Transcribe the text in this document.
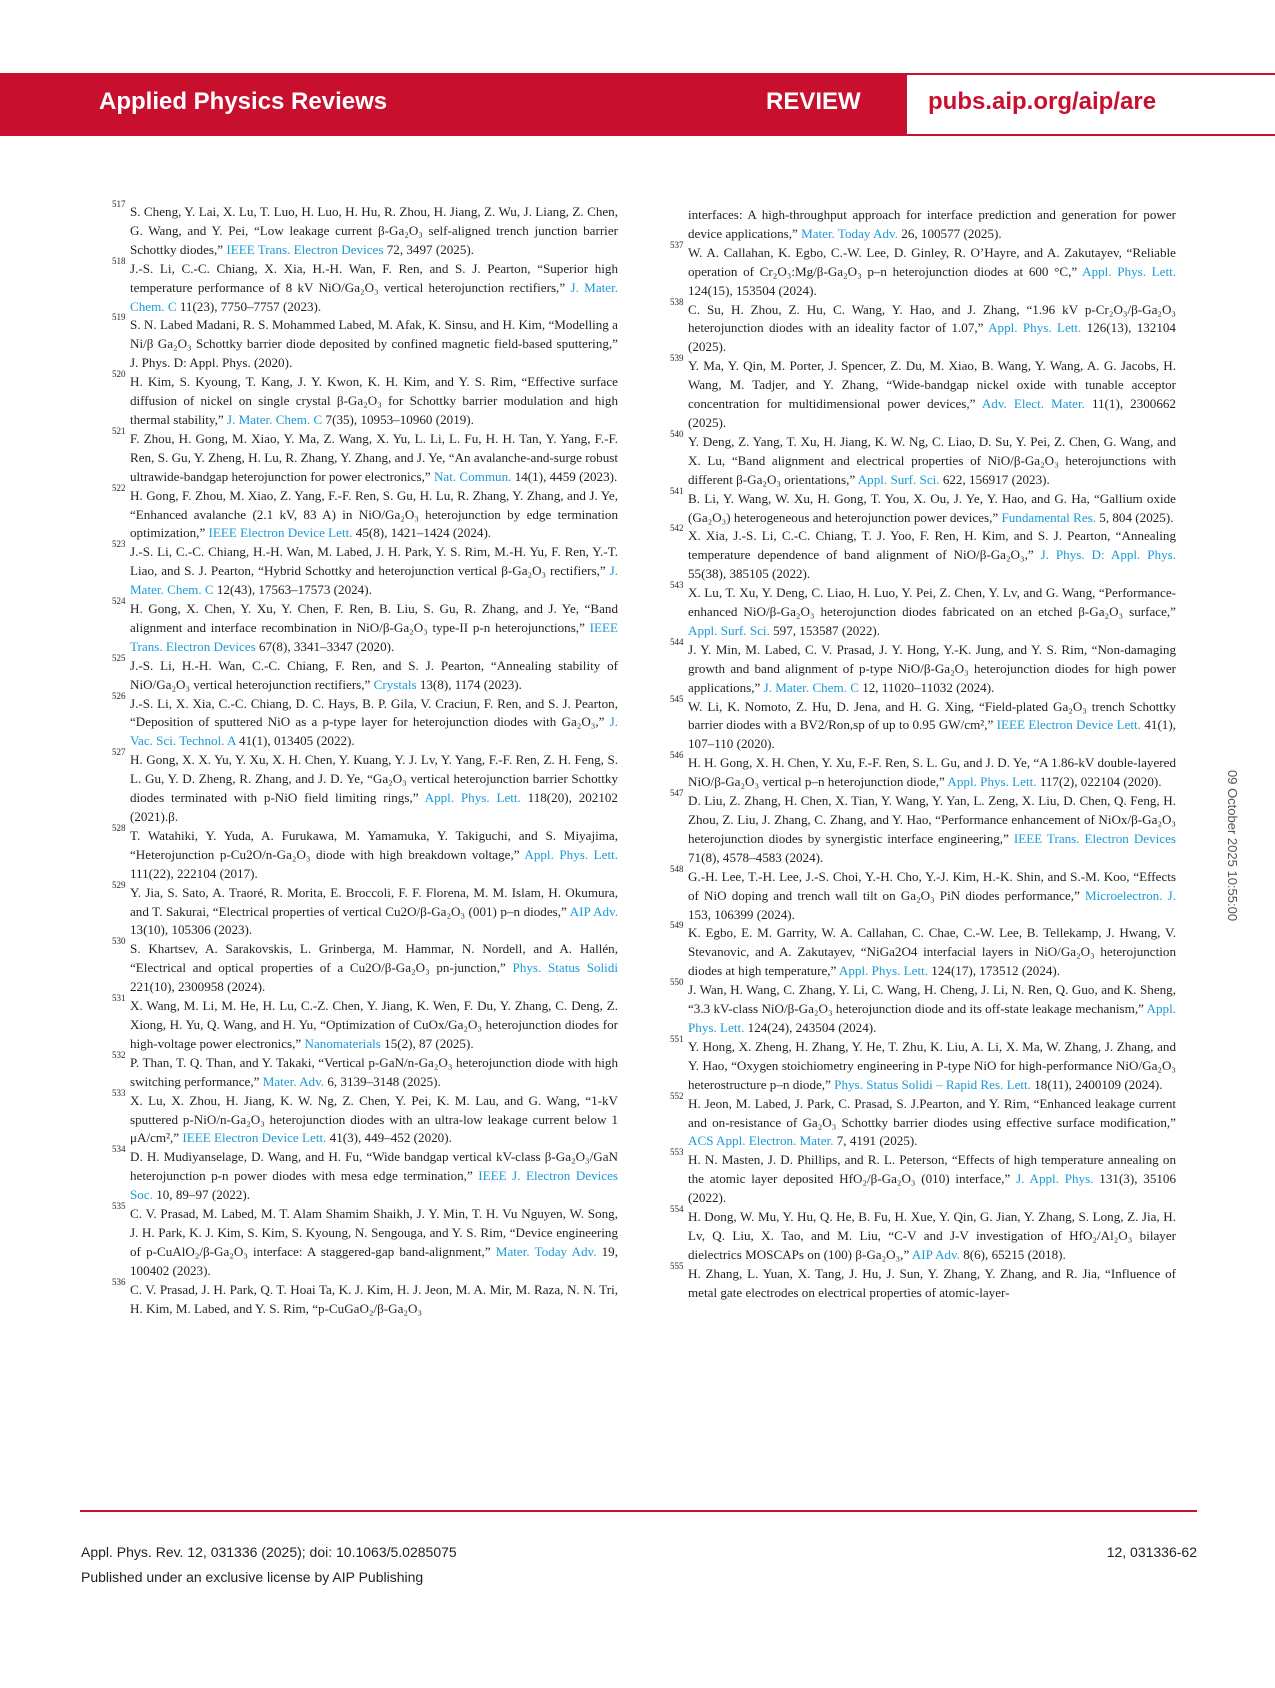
Applied Physics Reviews	REVIEW	pubs.aip.org/aip/are

517 S. Cheng, Y. Lai, X. Lu, T. Luo, H. Luo, H. Hu, R. Zhou, H. Jiang, Z. Wu, J. Liang, Z. Chen, G. Wang, and Y. Pei, “Low leakage current β-Ga₂O₃ self-aligned trench junction barrier Schottky diodes,” IEEE Trans. Electron Devices 72, 3497 (2025).

518 J.-S. Li, C.-C. Chiang, X. Xia, H.-H. Wan, F. Ren, and S. J. Pearton, “Superior high temperature performance of 8 kV NiO/Ga₂O₃ vertical heterojunction rectifiers,” J. Mater. Chem. C 11(23), 7750–7757 (2023).

519 S. N. Labed Madani, R. S. Mohammed Labed, M. Afak, K. Sinsu, and H. Kim, “Modelling a Ni/β Ga₂O₃ Schottky barrier diode deposited by confined magnetic field-based sputtering,” J. Phys. D: Appl. Phys. (2020).

520 H. Kim, S. Kyoung, T. Kang, J. Y. Kwon, K. H. Kim, and Y. S. Rim, “Effective surface diffusion of nickel on single crystal β-Ga₂O₃ for Schottky barrier modulation and high thermal stability,” J. Mater. Chem. C 7(35), 10953–10960 (2019).

521 F. Zhou, H. Gong, M. Xiao, Y. Ma, Z. Wang, X. Yu, L. Li, L. Fu, H. H. Tan, Y. Yang, F.-F. Ren, S. Gu, Y. Zheng, H. Lu, R. Zhang, Y. Zhang, and J. Ye, “An avalanche-and-surge robust ultrawide-bandgap heterojunction for power electronics,” Nat. Commun. 14(1), 4459 (2023).

522 H. Gong, F. Zhou, M. Xiao, Z. Yang, F.-F. Ren, S. Gu, H. Lu, R. Zhang, Y. Zhang, and J. Ye, “Enhanced avalanche (2.1 kV, 83 A) in NiO/Ga₂O₃ heterojunction by edge termination optimization,” IEEE Electron Device Lett. 45(8), 1421–1424 (2024).

523 J.-S. Li, C.-C. Chiang, H.-H. Wan, M. Labed, J. H. Park, Y. S. Rim, M.-H. Yu, F. Ren, Y.-T. Liao, and S. J. Pearton, “Hybrid Schottky and heterojunction vertical β-Ga₂O₃ rectifiers,” J. Mater. Chem. C 12(43), 17563–17573 (2024).

524 H. Gong, X. Chen, Y. Xu, Y. Chen, F. Ren, B. Liu, S. Gu, R. Zhang, and J. Ye, “Band alignment and interface recombination in NiO/β-Ga₂O₃ type-II p-n heterojunctions,” IEEE Trans. Electron Devices 67(8), 3341–3347 (2020).

525 J.-S. Li, H.-H. Wan, C.-C. Chiang, F. Ren, and S. J. Pearton, “Annealing stability of NiO/Ga₂O₃ vertical heterojunction rectifiers,” Crystals 13(8), 1174 (2023).

526 J.-S. Li, X. Xia, C.-C. Chiang, D. C. Hays, B. P. Gila, V. Craciun, F. Ren, and S. J. Pearton, “Deposition of sputtered NiO as a p-type layer for heterojunction diodes with Ga₂O₃,” J. Vac. Sci. Technol. A 41(1), 013405 (2022).

527 H. Gong, X. X. Yu, Y. Xu, X. H. Chen, Y. Kuang, Y. J. Lv, Y. Yang, F.-F. Ren, Z. H. Feng, S. L. Gu, Y. D. Zheng, R. Zhang, and J. D. Ye, “Ga₂O₃ vertical heterojunction barrier Schottky diodes terminated with p-NiO field limiting rings,” Appl. Phys. Lett. 118(20), 202102 (2021).β.

528 T. Watahiki, Y. Yuda, A. Furukawa, M. Yamamuka, Y. Takiguchi, and S. Miyajima, “Heterojunction p-Cu2O/n-Ga₂O₃ diode with high breakdown voltage,” Appl. Phys. Lett. 111(22), 222104 (2017).

529 Y. Jia, S. Sato, A. Traoré, R. Morita, E. Broccoli, F. F. Florena, M. M. Islam, H. Okumura, and T. Sakurai, “Electrical properties of vertical Cu2O/β-Ga₂O₃ (001) p–n diodes,” AIP Adv. 13(10), 105306 (2023).

530 S. Khartsev, A. Sarakovskis, L. Grinberga, M. Hammar, N. Nordell, and A. Hallén, “Electrical and optical properties of a Cu2O/β-Ga₂O₃ pn-junction,” Phys. Status Solidi 221(10), 2300958 (2024).

531 X. Wang, M. Li, M. He, H. Lu, C.-Z. Chen, Y. Jiang, K. Wen, F. Du, Y. Zhang, C. Deng, Z. Xiong, H. Yu, Q. Wang, and H. Yu, “Optimization of CuOx/Ga₂O₃ heterojunction diodes for high-voltage power electronics,” Nanomaterials 15(2), 87 (2025).

532 P. Than, T. Q. Than, and Y. Takaki, “Vertical p-GaN/n-Ga₂O₃ heterojunction diode with high switching performance,” Mater. Adv. 6, 3139–3148 (2025).

533 X. Lu, X. Zhou, H. Jiang, K. W. Ng, Z. Chen, Y. Pei, K. M. Lau, and G. Wang, “1-kV sputtered p-NiO/n-Ga₂O₃ heterojunction diodes with an ultra-low leakage current below 1 μA/cm²,” IEEE Electron Device Lett. 41(3), 449–452 (2020).

534 D. H. Mudiyanselage, D. Wang, and H. Fu, “Wide bandgap vertical kV-class β-Ga₂O₃/GaN heterojunction p-n power diodes with mesa edge termination,” IEEE J. Electron Devices Soc. 10, 89–97 (2022).

535 C. V. Prasad, M. Labed, M. T. Alam Shamim Shaikh, J. Y. Min, T. H. Vu Nguyen, W. Song, J. H. Park, K. J. Kim, S. Kim, S. Kyoung, N. Sengouga, and Y. S. Rim, “Device engineering of p-CuAlO₂/β-Ga₂O₃ interface: A staggered-gap band-alignment,” Mater. Today Adv. 19, 100402 (2023).

536 C. V. Prasad, J. H. Park, Q. T. Hoai Ta, K. J. Kim, H. J. Jeon, M. A. Mir, M. Raza, N. N. Tri, H. Kim, M. Labed, and Y. S. Rim, “p-CuGaO₂/β-Ga₂O₃

interfaces: A high-throughput approach for interface prediction and generation for power device applications,” Mater. Today Adv. 26, 100577 (2025).

537 W. A. Callahan, K. Egbo, C.-W. Lee, D. Ginley, R. O’Hayre, and A. Zakutayev, “Reliable operation of Cr₂O₃:Mg/β-Ga₂O₃ p–n heterojunction diodes at 600 °C,” Appl. Phys. Lett. 124(15), 153504 (2024).

538 C. Su, H. Zhou, Z. Hu, C. Wang, Y. Hao, and J. Zhang, “1.96 kV p-Cr₂O₃/β-Ga₂O₃ heterojunction diodes with an ideality factor of 1.07,” Appl. Phys. Lett. 126(13), 132104 (2025).

539 Y. Ma, Y. Qin, M. Porter, J. Spencer, Z. Du, M. Xiao, B. Wang, Y. Wang, A. G. Jacobs, H. Wang, M. Tadjer, and Y. Zhang, “Wide-bandgap nickel oxide with tunable acceptor concentration for multidimensional power devices,” Adv. Elect. Mater. 11(1), 2300662 (2025).

540 Y. Deng, Z. Yang, T. Xu, H. Jiang, K. W. Ng, C. Liao, D. Su, Y. Pei, Z. Chen, G. Wang, and X. Lu, “Band alignment and electrical properties of NiO/β-Ga₂O₃ heterojunctions with different β-Ga₂O₃ orientations,” Appl. Surf. Sci. 622, 156917 (2023).

541 B. Li, Y. Wang, W. Xu, H. Gong, T. You, X. Ou, J. Ye, Y. Hao, and G. Ha, “Gallium oxide (Ga₂O₃) heterogeneous and heterojunction power devices,” Fundamental Res. 5, 804 (2025).

542 X. Xia, J.-S. Li, C.-C. Chiang, T. J. Yoo, F. Ren, H. Kim, and S. J. Pearton, “Annealing temperature dependence of band alignment of NiO/β-Ga₂O₃,” J. Phys. D: Appl. Phys. 55(38), 385105 (2022).

543 X. Lu, T. Xu, Y. Deng, C. Liao, H. Luo, Y. Pei, Z. Chen, Y. Lv, and G. Wang, “Performance-enhanced NiO/β-Ga₂O₃ heterojunction diodes fabricated on an etched β-Ga₂O₃ surface,” Appl. Surf. Sci. 597, 153587 (2022).

544 J. Y. Min, M. Labed, C. V. Prasad, J. Y. Hong, Y.-K. Jung, and Y. S. Rim, “Non-damaging growth and band alignment of p-type NiO/β-Ga₂O₃ heterojunction diodes for high power applications,” J. Mater. Chem. C 12, 11020–11032 (2024).

545 W. Li, K. Nomoto, Z. Hu, D. Jena, and H. G. Xing, “Field-plated Ga₂O₃ trench Schottky barrier diodes with a BV2/Ron,sp of up to 0.95 GW/cm²,” IEEE Electron Device Lett. 41(1), 107–110 (2020).

546 H. H. Gong, X. H. Chen, Y. Xu, F.-F. Ren, S. L. Gu, and J. D. Ye, “A 1.86-kV double-layered NiO/β-Ga₂O₃ vertical p–n heterojunction diode,” Appl. Phys. Lett. 117(2), 022104 (2020).

547 D. Liu, Z. Zhang, H. Chen, X. Tian, Y. Wang, Y. Yan, L. Zeng, X. Liu, D. Chen, Q. Feng, H. Zhou, Z. Liu, J. Zhang, C. Zhang, and Y. Hao, “Performance enhancement of NiOx/β-Ga₂O₃ heterojunction diodes by synergistic interface engineering,” IEEE Trans. Electron Devices 71(8), 4578–4583 (2024).

548 G.-H. Lee, T.-H. Lee, J.-S. Choi, Y.-H. Cho, Y.-J. Kim, H.-K. Shin, and S.-M. Koo, “Effects of NiO doping and trench wall tilt on Ga₂O₃ PiN diodes performance,” Microelectron. J. 153, 106399 (2024).

549 K. Egbo, E. M. Garrity, W. A. Callahan, C. Chae, C.-W. Lee, B. Tellekamp, J. Hwang, V. Stevanovic, and A. Zakutayev, “NiGa2O4 interfacial layers in NiO/Ga₂O₃ heterojunction diodes at high temperature,” Appl. Phys. Lett. 124(17), 173512 (2024).

550 J. Wan, H. Wang, C. Zhang, Y. Li, C. Wang, H. Cheng, J. Li, N. Ren, Q. Guo, and K. Sheng, “3.3 kV-class NiO/β-Ga₂O₃ heterojunction diode and its off-state leakage mechanism,” Appl. Phys. Lett. 124(24), 243504 (2024).

551 Y. Hong, X. Zheng, H. Zhang, Y. He, T. Zhu, K. Liu, A. Li, X. Ma, W. Zhang, J. Zhang, and Y. Hao, “Oxygen stoichiometry engineering in P-type NiO for high-performance NiO/Ga₂O₃ heterostructure p–n diode,” Phys. Status Solidi – Rapid Res. Lett. 18(11), 2400109 (2024).

552 H. Jeon, M. Labed, J. Park, C. Prasad, S. J.Pearton, and Y. Rim, “Enhanced leakage current and on-resistance of Ga₂O₃ Schottky barrier diodes using effective surface modification,” ACS Appl. Electron. Mater. 7, 4191 (2025).

553 H. N. Masten, J. D. Phillips, and R. L. Peterson, “Effects of high temperature annealing on the atomic layer deposited HfO₂/β-Ga₂O₃ (010) interface,” J. Appl. Phys. 131(3), 35106 (2022).

554 H. Dong, W. Mu, Y. Hu, Q. He, B. Fu, H. Xue, Y. Qin, G. Jian, Y. Zhang, S. Long, Z. Jia, H. Lv, Q. Liu, X. Tao, and M. Liu, “C-V and J-V investigation of HfO₂/Al₂O₃ bilayer dielectrics MOSCAPs on (100) β-Ga₂O₃,” AIP Adv. 8(6), 65215 (2018).

555 H. Zhang, L. Yuan, X. Tang, J. Hu, J. Sun, Y. Zhang, Y. Zhang, and R. Jia, “Influence of metal gate electrodes on electrical properties of atomic-layer-

09 October 2025 10:55:00
Appl. Phys. Rev. 12, 031336 (2025); doi: 10.1063/5.0285075
Published under an exclusive license by AIP Publishing
12, 031336-62
